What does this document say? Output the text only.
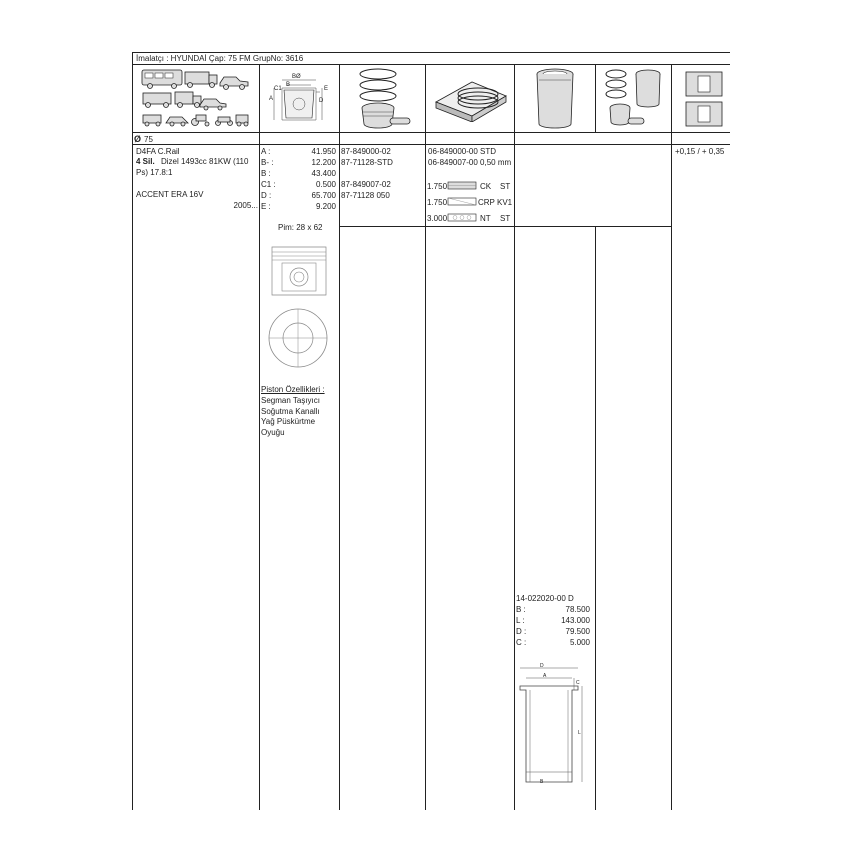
İmalatçı : HYUNDAİ Çap: 75 FM GrupNo: 3616
BØ
B
A
C1	E
D
Ø 75
D4FA C.Rail
4 Sil. Dizel 1493cc 81KW (110
Ps) 17.8:1
ACCENT ERA 16V
2005...
A :	41.950
B- :	12.200
B :	43.400
C1 :	0.500
D :	65.700
E :	9.200
Pim: 28 x 62
Piston Özellikleri :
Segman Taşıyıcı
Soğutma Kanallı
Yağ Püskürtme
Oyuğu
87-849000-02
87-71128-STD
87-849007-02
87-71128 050
06-849000-00 STD
06-849007-00 0,50 mm
1.750	CK ST
1.750	CRP KV1
3.000	NT ST
+0,15 / + 0,35
14-022020-00 D
B :	78.500
L :	143.000
D :	79.500
C :	5.000
D
A
C
L
B
